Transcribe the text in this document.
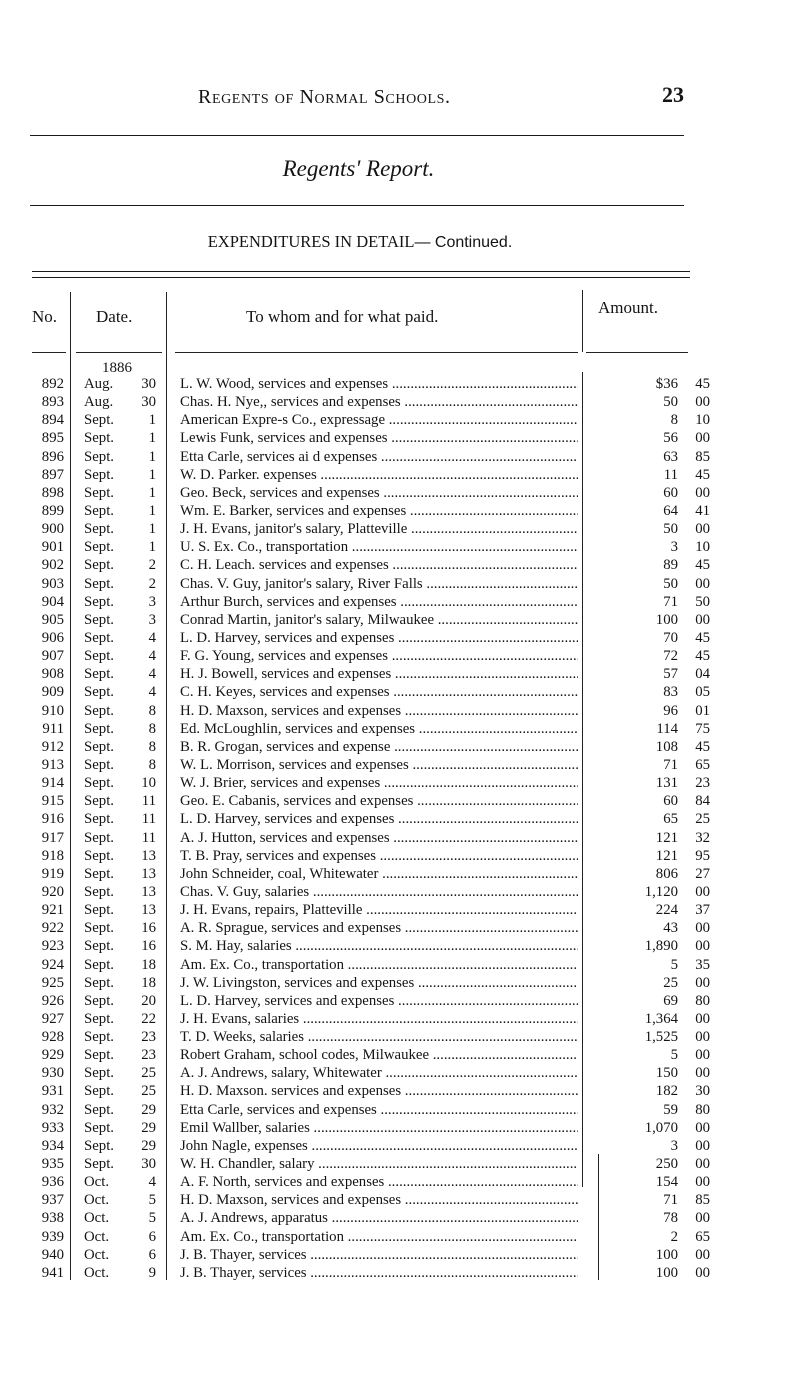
Regents of Normal Schools.	23
Regents' Report.
EXPENDITURES IN DETAIL— Continued.
No. Date.	To whom and for what paid.	Amount.
1886
892 Aug.	30 L. W. Wood, services and expenses .....	$36	45
893 Aug.	30 Chas. H. Nye,, services and expenses .....	50	00
894 Sept.	1 American Expre-s Co., expressage .....	8	10
895 Sept.	1 Lewis Funk, services and expenses .....	56	00
896 Sept.	1 Etta Carle, services ai d expenses .....	63	85
897 Sept.	1 W. D. Parker. expenses .....	11	45
898 Sept.	1 Geo. Beck, services and expenses .....	60	00
899 Sept.	1 Wm. E. Barker, services and expenses .....	64	41
900 Sept.	1 J. H. Evans, janitor's salary, Platteville .....	50	00
901 Sept.	1 U. S. Ex. Co., transportation .....	3	10
902 Sept.	2 C. H. Leach. services and expenses .....	89	45
903 Sept.	2 Chas. V. Guy, janitor's salary, River Falls .....	50	00
904 Sept.	3 Arthur Burch, services and expenses .....	71	50
905 Sept.	3 Conrad Martin, janitor's salary, Milwaukee .....	100	00
906 Sept.	4 L. D. Harvey, services and expenses .....	70	45
907 Sept.	4 F. G. Young, services and expenses .....	72	45
908 Sept.	4 H. J. Bowell, services and expenses .....	57	04
909 Sept.	4 C. H. Keyes, services and expenses .....	83	05
910 Sept.	8 H. D. Maxson, services and expenses .....	96	01
911 Sept.	8 Ed. McLoughlin, services and expenses .....	114	75
912 Sept.	8 B. R. Grogan, services and expense .....	108	45
913 Sept.	8 W. L. Morrison, services and expenses .....	71	65
914 Sept.	10 W. J. Brier, services and expenses .....	131	23
915 Sept.	11 Geo. E. Cabanis, services and expenses .....	60	84
916 Sept.	11 L. D. Harvey, services and expenses .....	65	25
917 Sept.	11 A. J. Hutton, services and expenses .....	121	32
918 Sept.	13 T. B. Pray, services and expenses .....	121	95
919 Sept.	13 John Schneider, coal, Whitewater .....	806	27
920 Sept.	13 Chas. V. Guy, salaries .....	1,120	00
921 Sept.	13 J. H. Evans, repairs, Platteville .....	224	37
922 Sept.	16 A. R. Sprague, services and expenses .....	43	00
923 Sept.	16 S. M. Hay, salaries .....	1,890	00
924 Sept.	18 Am. Ex. Co., transportation .....	5	35
925 Sept.	18 J. W. Livingston, services and expenses .....	25	00
926 Sept.	20 L. D. Harvey, services and expenses .....	69	80
927 Sept.	22 J. H. Evans, salaries .....	1,364	00
928 Sept.	23 T. D. Weeks, salaries .....	1,525	00
929 Sept.	23 Robert Graham, school codes, Milwaukee .....	5	00
930 Sept.	25 A. J. Andrews, salary, Whitewater .....	150	00
931 Sept.	25 H. D. Maxson. services and expenses .....	182	30
932 Sept.	29 Etta Carle, services and expenses .....	59	80
933 Sept.	29 Emil Wallber, salaries .....	1,070	00
934 Sept.	29 John Nagle, expenses .....	3	00
935 Sept.	30 W. H. Chandler, salary .....	250	00
936 Oct.	4 A. F. North, services and expenses .....	154	00
937 Oct.	5 H. D. Maxson, services and expenses .....	71	85
938 Oct.	5 A. J. Andrews, apparatus .....	78	00
939 Oct.	6 Am. Ex. Co., transportation .....	2	65
940 Oct.	6 J. B. Thayer, services .....	100	00
941 Oct.	9 J. B. Thayer, services .....	100	00
